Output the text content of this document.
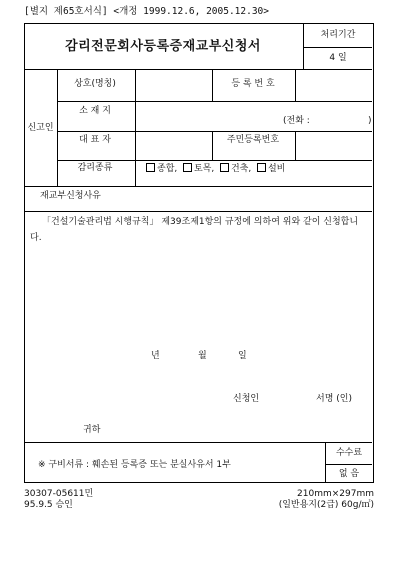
[별지 제65호서식] <개정 1999.12.6, 2005.12.30>
감리전문회사등록증재교부신청서
처리기간
4 일
신고인
상호(명칭)	등 록 번 호
소 재 지
(전화 :	)
대 표 자	주민등록번호
감리종류	종합, 토목, 건축, 설비
재교부신청사유
「건설기술관리법 시행규칙」 제39조제1항의 규정에 의하여 위와 같이 신청합니다.
년	월	일
신청인	서명 (인)
귀하
※ 구비서류 : 훼손된 등록증 또는 분실사유서 1부
수수료
없 음
30307-05611민
95.9.5 승인
210mm×297mm
(일반용지(2급) 60g/㎡)
